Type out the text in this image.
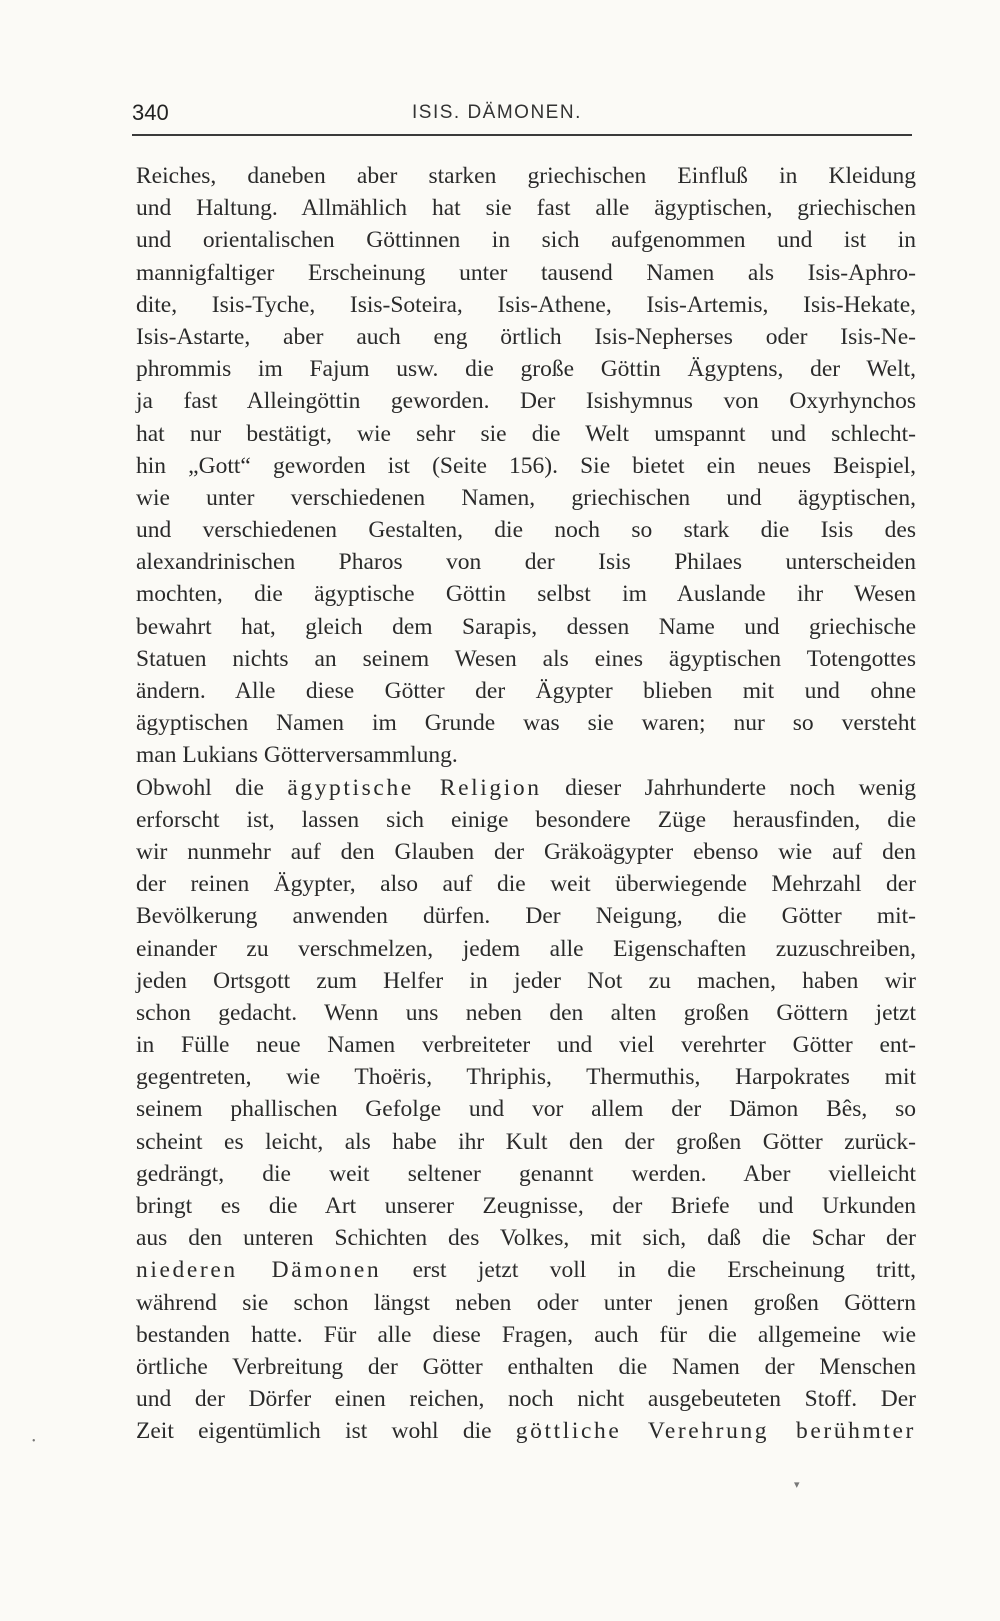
340	ISIS. DÄMONEN.
Reiches, daneben aber starken griechischen Einfluß in Kleidung
und Haltung. Allmählich hat sie fast alle ägyptischen, griechischen
und orientalischen Göttinnen in sich aufgenommen und ist in
mannigfaltiger Erscheinung unter tausend Namen als Isis-Aphro-
dite, Isis-Tyche, Isis-Soteira, Isis-Athene, Isis-Artemis, Isis-Hekate,
Isis-Astarte, aber auch eng örtlich Isis-Nepherses oder Isis-Ne-
phrommis im Fajum usw. die große Göttin Ägyptens, der Welt,
ja fast Alleingöttin geworden. Der Isishymnus von Oxyrhynchos
hat nur bestätigt, wie sehr sie die Welt umspannt und schlecht-
hin „Gott“ geworden ist (Seite 156). Sie bietet ein neues Beispiel,
wie unter verschiedenen Namen, griechischen und ägyptischen,
und verschiedenen Gestalten, die noch so stark die Isis des
alexandrinischen Pharos von der Isis Philaes unterscheiden
mochten, die ägyptische Göttin selbst im Auslande ihr Wesen
bewahrt hat, gleich dem Sarapis, dessen Name und griechische
Statuen nichts an seinem Wesen als eines ägyptischen Totengottes
ändern. Alle diese Götter der Ägypter blieben mit und ohne
ägyptischen Namen im Grunde was sie waren; nur so versteht
man Lukians Götterversammlung.
Obwohl die ägyptische Religion dieser Jahrhunderte noch wenig
erforscht ist, lassen sich einige besondere Züge herausfinden, die
wir nunmehr auf den Glauben der Gräkoägypter ebenso wie auf den
der reinen Ägypter, also auf die weit überwiegende Mehrzahl der
Bevölkerung anwenden dürfen. Der Neigung, die Götter mit-
einander zu verschmelzen, jedem alle Eigenschaften zuzuschreiben,
jeden Ortsgott zum Helfer in jeder Not zu machen, haben wir
schon gedacht. Wenn uns neben den alten großen Göttern jetzt
in Fülle neue Namen verbreiteter und viel verehrter Götter ent-
gegentreten, wie Thoëris, Thriphis, Thermuthis, Harpokrates mit
seinem phallischen Gefolge und vor allem der Dämon Bês, so
scheint es leicht, als habe ihr Kult den der großen Götter zurück-
gedrängt, die weit seltener genannt werden. Aber vielleicht
bringt es die Art unserer Zeugnisse, der Briefe und Urkunden
aus den unteren Schichten des Volkes, mit sich, daß die Schar der
niederen Dämonen erst jetzt voll in die Erscheinung tritt,
während sie schon längst neben oder unter jenen großen Göttern
bestanden hatte. Für alle diese Fragen, auch für die allgemeine wie
örtliche Verbreitung der Götter enthalten die Namen der Menschen
und der Dörfer einen reichen, noch nicht ausgebeuteten Stoff. Der
Zeit eigentümlich ist wohl die göttliche Verehrung berühmter
•
▾
